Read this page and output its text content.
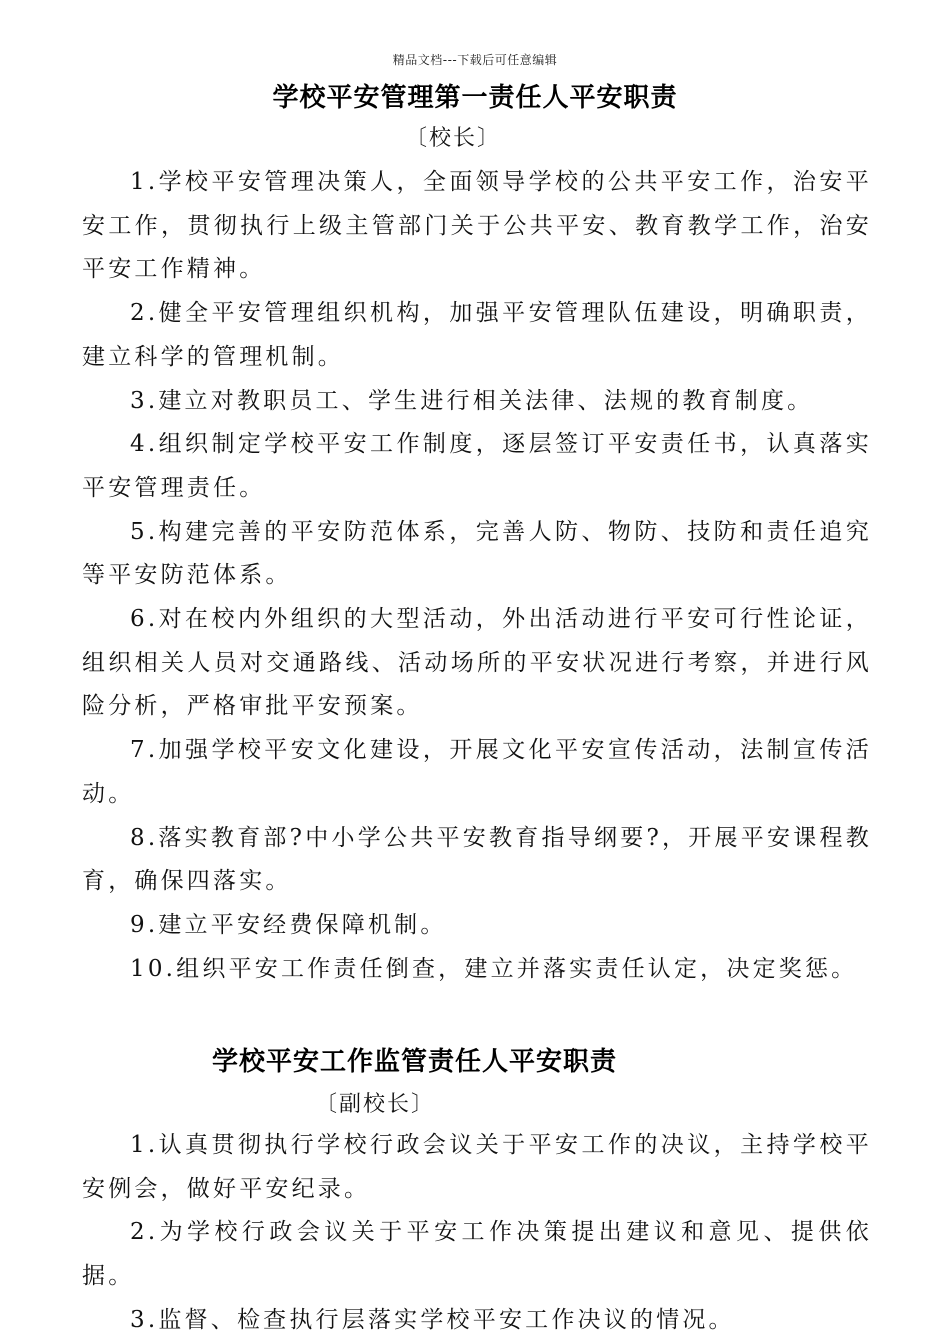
精品文档---下载后可任意编辑
学校平安管理第一责任人平安职责
〔校长〕

1.学校平安管理决策人，全面领导学校的公共平安工作，治安平安工作，贯彻执行上级主管部门关于公共平安、教育教学工作，治安平安工作精神。

2.健全平安管理组织机构，加强平安管理队伍建设，明确职责，建立科学的管理机制。

3.建立对教职员工、学生进行相关法律、法规的教育制度。

4.组织制定学校平安工作制度，逐层签订平安责任书，认真落实平安管理责任。

5.构建完善的平安防范体系，完善人防、物防、技防和责任追究等平安防范体系。

6.对在校内外组织的大型活动，外出活动进行平安可行性论证，组织相关人员对交通路线、活动场所的平安状况进行考察，并进行风险分析，严格审批平安预案。

7.加强学校平安文化建设，开展文化平安宣传活动，法制宣传活动。

8.落实教育部?中小学公共平安教育指导纲要?，开展平安课程教育，确保四落实。

9.建立平安经费保障机制。

10.组织平安工作责任倒查，建立并落实责任认定，决定奖惩。

学校平安工作监管责任人平安职责
〔副校长〕

1.认真贯彻执行学校行政会议关于平安工作的决议，主持学校平安例会，做好平安纪录。

2.为学校行政会议关于平安工作决策提出建议和意见、提供依据。

3.监督、检查执行层落实学校平安工作决议的情况。
